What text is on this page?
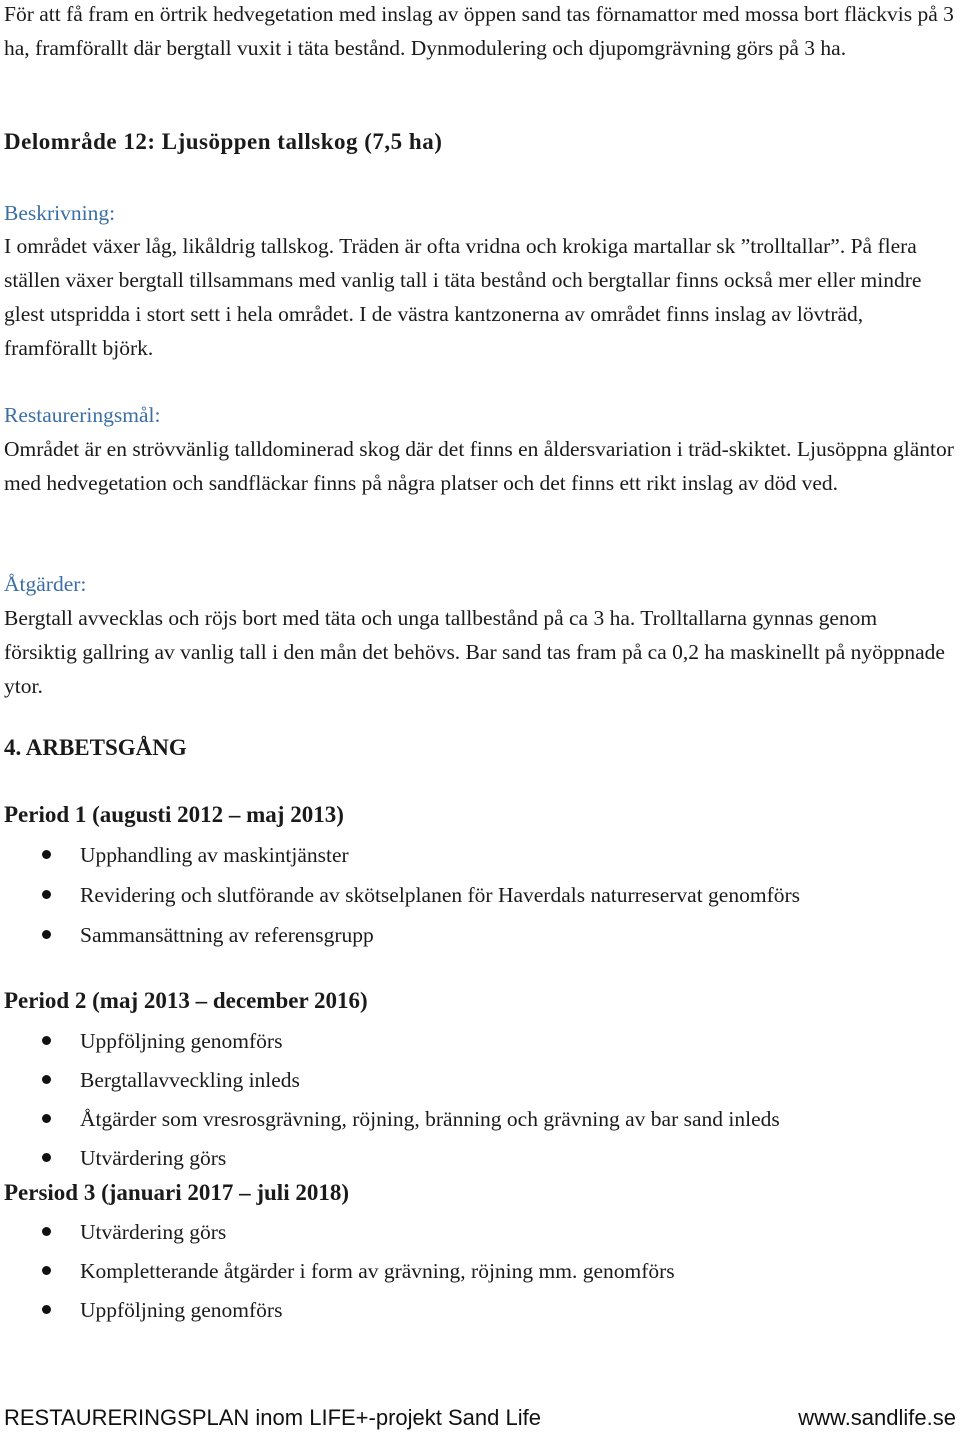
För att få fram en örtrik hedvegetation med inslag av öppen sand tas förnamattor med mossa bort fläckvis på 3 ha, framförallt där bergtall vuxit i täta bestånd. Dynmodulering och djupomgrävning görs på 3 ha.

Delområde 12: Ljusöppen tallskog (7,5 ha)

Beskrivning:

I området växer låg, likåldrig tallskog. Träden är ofta vridna och krokiga martallar sk ”trolltallar”. På flera ställen växer bergtall tillsammans med vanlig tall i täta bestånd och bergtallar finns också mer eller mindre glest utspridda i stort sett i hela området. I de västra kantzonerna av området finns inslag av lövträd, framförallt björk.

Restaureringsmål:

Området är en strövvänlig talldominerad skog där det finns en åldersvariation i träd-skiktet. Ljusöppna gläntor med hedvegetation och sandfläckar finns på några platser och det finns ett rikt inslag av död ved.

Åtgärder:

Bergtall avvecklas och röjs bort med täta och unga tallbestånd på ca 3 ha. Trolltallarna gynnas genom försiktig gallring av vanlig tall i den mån det behövs. Bar sand tas fram på ca 0,2 ha maskinellt på nyöppnade ytor.

4. ARBETSGÅNG

Period 1 (augusti 2012 – maj 2013)

Upphandling av maskintjänster
Revidering och slutförande av skötselplanen för Haverdals naturreservat genomförs
Sammansättning av referensgrupp

Period 2 (maj 2013 – december 2016)

Uppföljning genomförs
Bergtallavveckling inleds
Åtgärder som vresrosgrävning, röjning, bränning och grävning av bar sand inleds
Utvärdering görs

Persiod 3 (januari 2017 – juli 2018)

Utvärdering görs
Kompletterande åtgärder i form av grävning, röjning mm. genomförs
Uppföljning genomförs
RESTAURERINGSPLAN inom LIFE+-projekt Sand Life	www.sandlife.se
